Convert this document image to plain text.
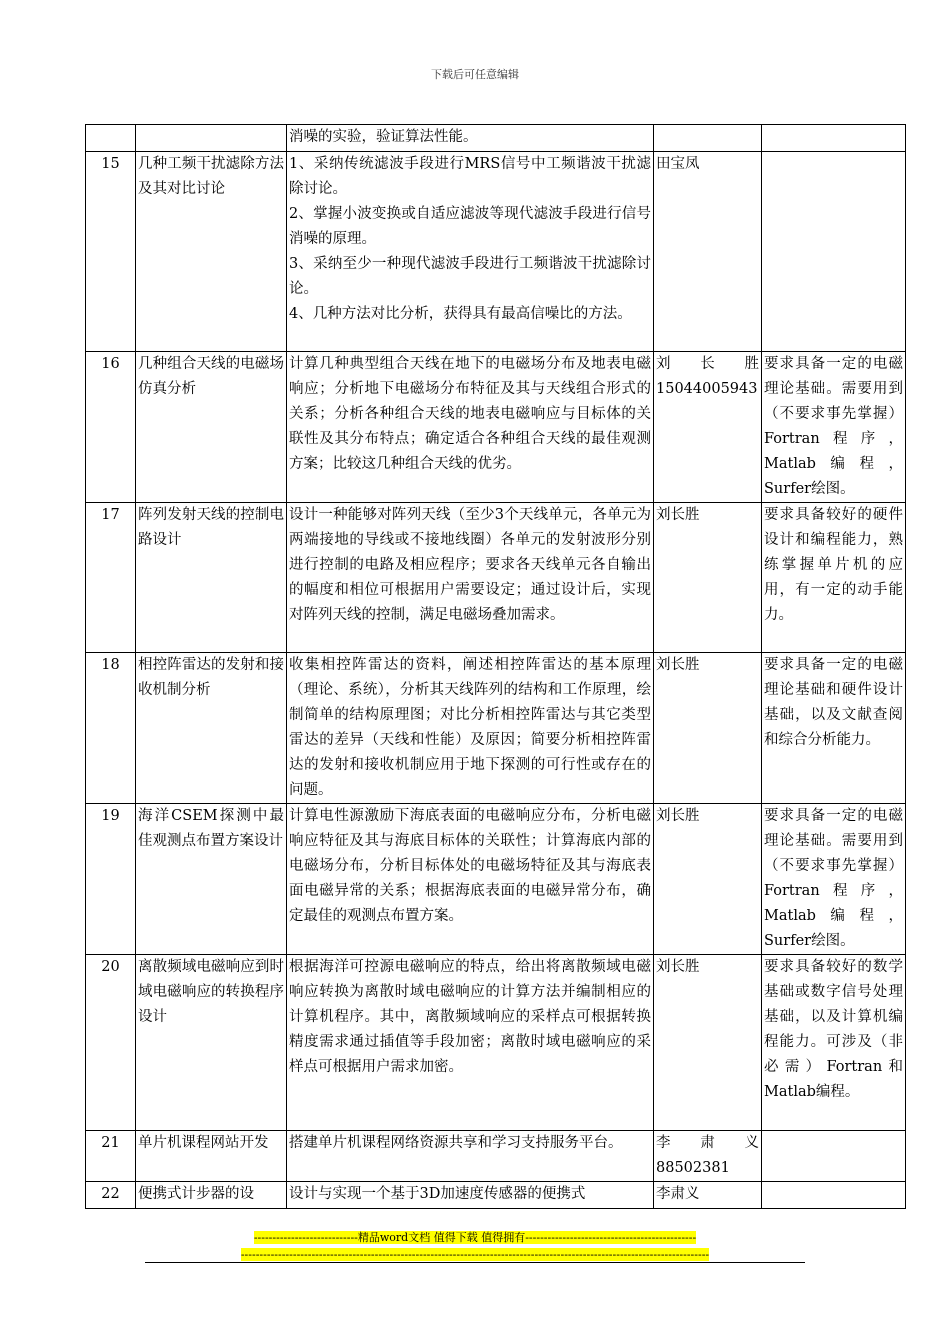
下载后可任意编辑

		消噪的实验，验证算法性能。		

15	几种工频干扰滤除方法及其对比讨论	1、采纳传统滤波手段进行MRS信号中工频谐波干扰滤除讨论。

2、掌握小波变换或自适应滤波等现代滤波手段进行信号消噪的原理。

3、采纳至少一种现代滤波手段进行工频谐波干扰滤除讨论。

4、几种方法对比分析，获得具有最高信噪比的方法。	田宝凤	
16	几种组合天线的电磁场仿真分析	计算几种典型组合天线在地下的电磁场分布及地表电磁响应；分析地下电磁场分布特征及其与天线组合形式的关系；分析各种组合天线的地表电磁响应与目标体的关联性及其分布特点；确定适合各种组合天线的最佳观测方案；比较这几种组合天线的优劣。	刘长胜 15044005943	要求具备一定的电磁理论基础。需要用到（不要求事先掌握）Fortran程序，Matlab编程，Surfer绘图。
17	阵列发射天线的控制电路设计	设计一种能够对阵列天线（至少3个天线单元，各单元为两端接地的导线或不接地线圈）各单元的发射波形分别进行控制的电路及相应程序；要求各天线单元各自输出的幅度和相位可根据用户需要设定；通过设计后，实现对阵列天线的控制，满足电磁场叠加需求。	刘长胜	要求具备较好的硬件设计和编程能力，熟练掌握单片机的应用，有一定的动手能力。
18	相控阵雷达的发射和接收机制分析	收集相控阵雷达的资料，阐述相控阵雷达的基本原理（理论、系统），分析其天线阵列的结构和工作原理，绘制简单的结构原理图；对比分析相控阵雷达与其它类型雷达的差异（天线和性能）及原因；简要分析相控阵雷达的发射和接收机制应用于地下探测的可行性或存在的问题。	刘长胜	要求具备一定的电磁理论基础和硬件设计基础，以及文献查阅和综合分析能力。
19	海洋CSEM探测中最佳观测点布置方案设计	计算电性源激励下海底表面的电磁响应分布，分析电磁响应特征及其与海底目标体的关联性；计算海底内部的电磁场分布，分析目标体处的电磁场特征及其与海底表面电磁异常的关系；根据海底表面的电磁异常分布，确定最佳的观测点布置方案。	刘长胜	要求具备一定的电磁理论基础。需要用到（不要求事先掌握）Fortran程序，Matlab编程，Surfer绘图。
20	离散频域电磁响应到时域电磁响应的转换程序设计	根据海洋可控源电磁响应的特点，给出将离散频域电磁响应转换为离散时域电磁响应的计算方法并编制相应的计算机程序。其中，离散频域响应的采样点可根据转换精度需求通过插值等手段加密；离散时域电磁响应的采样点可根据用户需求加密。	刘长胜	要求具备较好的数学基础或数字信号处理基础，以及计算机编程能力。可涉及（非必需）Fortran和Matlab编程。
21	单片机课程网站开发	搭建单片机课程网络资源共享和学习支持服务平台。	李肃义 88502381	
22	便携式计步器的设	设计与实现一个基于3D加速度传感器的便携式	李肃义	
----------------------------精品word文档 值得下载 值得拥有----------------------------------------------
------------------------------------------------------------------------------------------------------------------------------
